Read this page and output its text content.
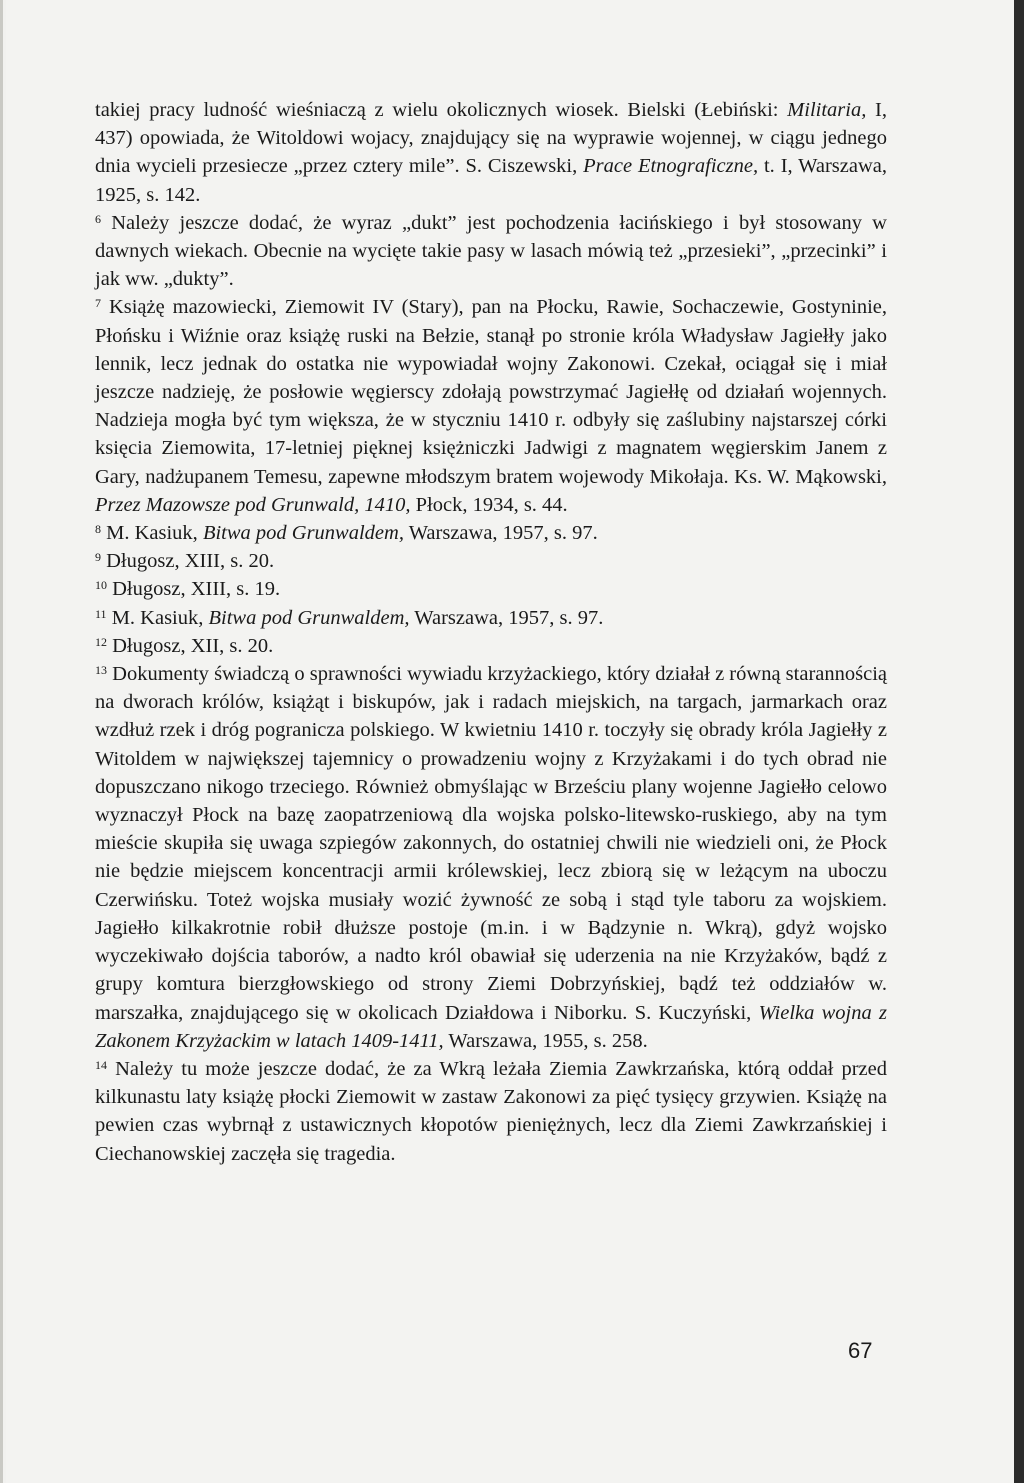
takiej pracy ludność wieśniaczą z wielu okolicznych wiosek. Bielski (Łebiński: Militaria, I, 437) opowiada, że Witoldowi wojacy, znajdujący się na wyprawie wojennej, w ciągu jednego dnia wycieli przesiecze „przez cztery mile”. S. Ciszewski, Prace Etnograficzne, t. I, Warszawa, 1925, s. 142.

$^6$ Należy jeszcze dodać, że wyraz „dukt” jest pochodzenia łacińskiego i był stosowany w dawnych wiekach. Obecnie na wycięte takie pasy w lasach mówią też „przesieki”, „przecinki” i jak ww. „dukty”.

$^7$ Książę mazowiecki, Ziemowit IV (Stary), pan na Płocku, Rawie, Sochaczewie, Gostyninie, Płońsku i Wiźnie oraz książę ruski na Bełzie, stanął po stronie króla Władysław Jagiełły jako lennik, lecz jednak do ostatka nie wypowiadał wojny Zakonowi. Czekał, ociągał się i miał jeszcze nadzieję, że posłowie węgierscy zdołają powstrzymać Jagiełłę od działań wojennych. Nadzieja mogła być tym większa, że w styczniu 1410 r. odbyły się zaślubiny najstarszej córki księcia Ziemowita, 17-letniej pięknej księżniczki Jadwigi z magnatem węgierskim Janem z Gary, nadżupanem Temesu, zapewne młodszym bratem wojewody Mikołaja. Ks. W. Mąkowski, Przez Mazowsze pod Grunwald, 1410, Płock, 1934, s. 44.

$^8$ M. Kasiuk, Bitwa pod Grunwaldem, Warszawa, 1957, s. 97.

$^9$ Długosz, XIII, s. 20.

$^{10}$ Długosz, XIII, s. 19.

$^{11}$ M. Kasiuk, Bitwa pod Grunwaldem, Warszawa, 1957, s. 97.

$^{12}$ Długosz, XII, s. 20.

$^{13}$ Dokumenty świadczą o sprawności wywiadu krzyżackiego, który działał z równą starannością na dworach królów, książąt i biskupów, jak i radach miejskich, na targach, jarmarkach oraz wzdłuż rzek i dróg pogranicza polskiego. W kwietniu 1410 r. toczyły się obrady króla Jagiełły z Witoldem w największej tajemnicy o prowadzeniu wojny z Krzyżakami i do tych obrad nie dopuszczano nikogo trzeciego. Również obmyślając w Brześciu plany wojenne Jagiełło celowo wyznaczył Płock na bazę zaopatrzeniową dla wojska polsko-litewsko-ruskiego, aby na tym mieście skupiła się uwaga szpiegów zakonnych, do ostatniej chwili nie wiedzieli oni, że Płock nie będzie miejscem koncentracji armii królewskiej, lecz zbiorą się w leżącym na uboczu Czerwińsku. Toteż wojska musiały wozić żywność ze sobą i stąd tyle taboru za wojskiem. Jagiełło kilkakrotnie robił dłuższe postoje (m.in. i w Bądzynie n. Wkrą), gdyż wojsko wyczekiwało dojścia taborów, a nadto król obawiał się uderzenia na nie Krzyżaków, bądź z grupy komtura bierzgłowskiego od strony Ziemi Dobrzyńskiej, bądź też oddziałów w. marszałka, znajdującego się w okolicach Działdowa i Niborku. S. Kuczyński, Wielka wojna z Zakonem Krzyżackim w latach 1409-1411, Warszawa, 1955, s. 258.

$^{14}$ Należy tu może jeszcze dodać, że za Wkrą leżała Ziemia Zawkrzańska, którą oddał przed kilkunastu laty książę płocki Ziemowit w zastaw Zakonowi za pięć tysięcy grzywien. Książę na pewien czas wybrnął z ustawicznych kłopotów pieniężnych, lecz dla Ziemi Zawkrzańskiej i Ciechanowskiej zaczęła się tragedia.

67
